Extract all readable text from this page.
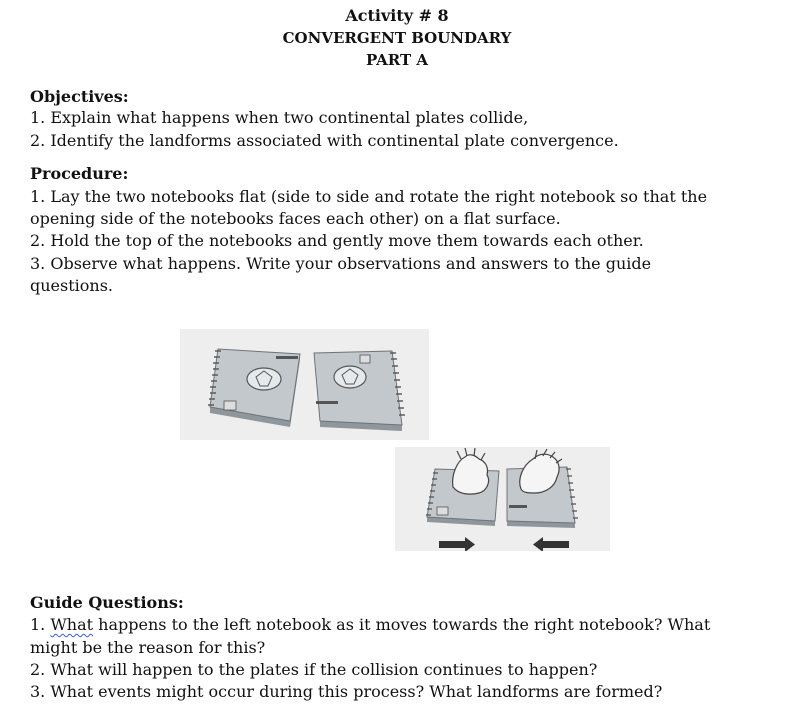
Activity # 8
CONVERGENT BOUNDARY
PART A
Objectives:
1. Explain what happens when two continental plates collide,
2. Identify the landforms associated with continental plate convergence.
Procedure:
1. Lay the two notebooks flat (side to side and rotate the right notebook so that the
opening side of the notebooks faces each other) on a flat surface.
2. Hold the top of the notebooks and gently move them towards each other.
3. Observe what happens. Write your observations and answers to the guide
questions.
Guide Questions:
1. What happens to the left notebook as it moves towards the right notebook? What
might be the reason for this?
2. What will happen to the plates if the collision continues to happen?
3. What events might occur during this process? What landforms are formed?
